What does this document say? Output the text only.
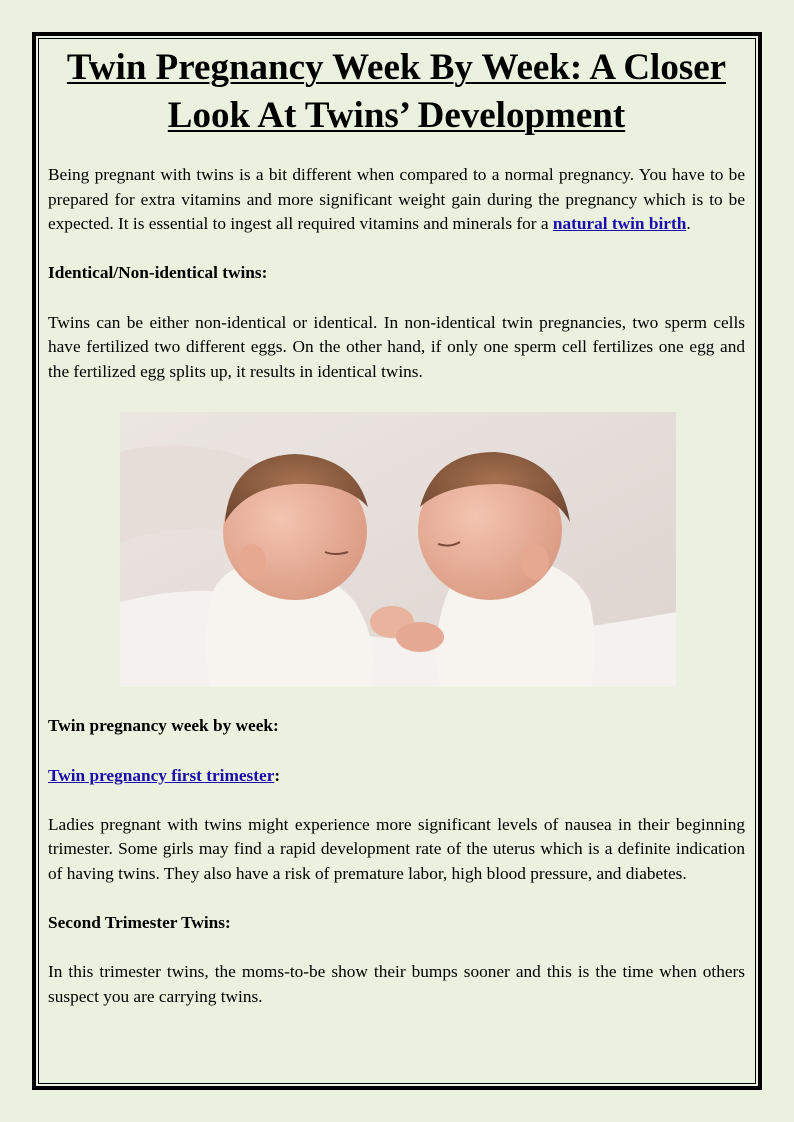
Twin Pregnancy Week By Week: A Closer Look At Twins’ Development

Being pregnant with twins is a bit different when compared to a normal pregnancy. You have to be prepared for extra vitamins and more significant weight gain during the pregnancy which is to be expected. It is essential to ingest all required vitamins and minerals for a natural twin birth.

Identical/Non-identical twins:

Twins can be either non-identical or identical. In non-identical twin pregnancies, two sperm cells have fertilized two different eggs. On the other hand, if only one sperm cell fertilizes one egg and the fertilized egg splits up, it results in identical twins.

Twin pregnancy week by week:

Twin pregnancy first trimester:

Ladies pregnant with twins might experience more significant levels of nausea in their beginning trimester. Some girls may find a rapid development rate of the uterus which is a definite indication of having twins. They also have a risk of premature labor, high blood pressure, and diabetes.

Second Trimester Twins:

In this trimester twins, the moms-to-be show their bumps sooner and this is the time when others suspect you are carrying twins.
